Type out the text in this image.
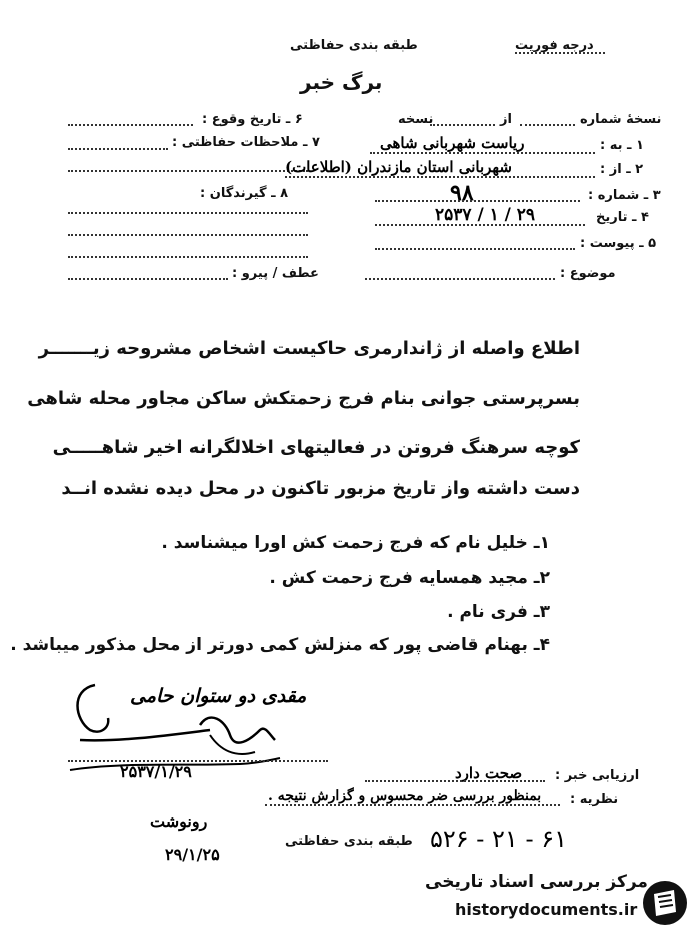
درجه فوریت
طبقه بندی حفاظتی
برگ خبر
۶ ـ تاریخ وقوع :
۷ ـ ملاحظات حفاظتی :
۸ ـ گیرندگان :
عطف / پیرو :
نسخهٔ شماره
از
نسخه
۱ ـ به :
ریاست شهربانی شاهی
۲ ـ از :
شهربانی استان مازندران (اطلاعات)
۳ ـ شماره :
۹۸
۴ ـ تاریخ
۲۵۳۷ / ۱ / ۲۹
۵ ـ پیوست :
موضوع :
اطلاع واصله از ژاندارمری حاکیست اشخاص مشروحه زیـــــــر
بسرپرستی جوانی بنام فرج زحمتکش ساکن مجاور محله شاهی
کوچه سرهنگ فروتن در فعالیتهای اخلالگرانه اخیر شاهـــــی
دست داشته واز تاریخ مزبور تاکنون در محل دیده نشده انــد
۱ـ خلیل نام که فرج زحمت کش اورا میشناسد .
۲ـ مجید همسایه فرج زحمت کش .
۳ـ فری نام .
۴ـ بهنام قاضی پور که منزلش کمی دورتر از محل مذکور میباشد .
مقدی دو ستوان حامی
۲۵۳۷/۱/۲۹	ارزیابی خبر :
صحت دارد
نظریه :
بمنظور بررسی ضر محسوس و گزارش نتیجه .
رونوشت
۲۹/۱/۲۵
طبقه بندی حفاظتی ۵۲۶ - ۲۱ - ۶۱
مرکز بررسی اسناد تاریخی
historydocuments.ir
